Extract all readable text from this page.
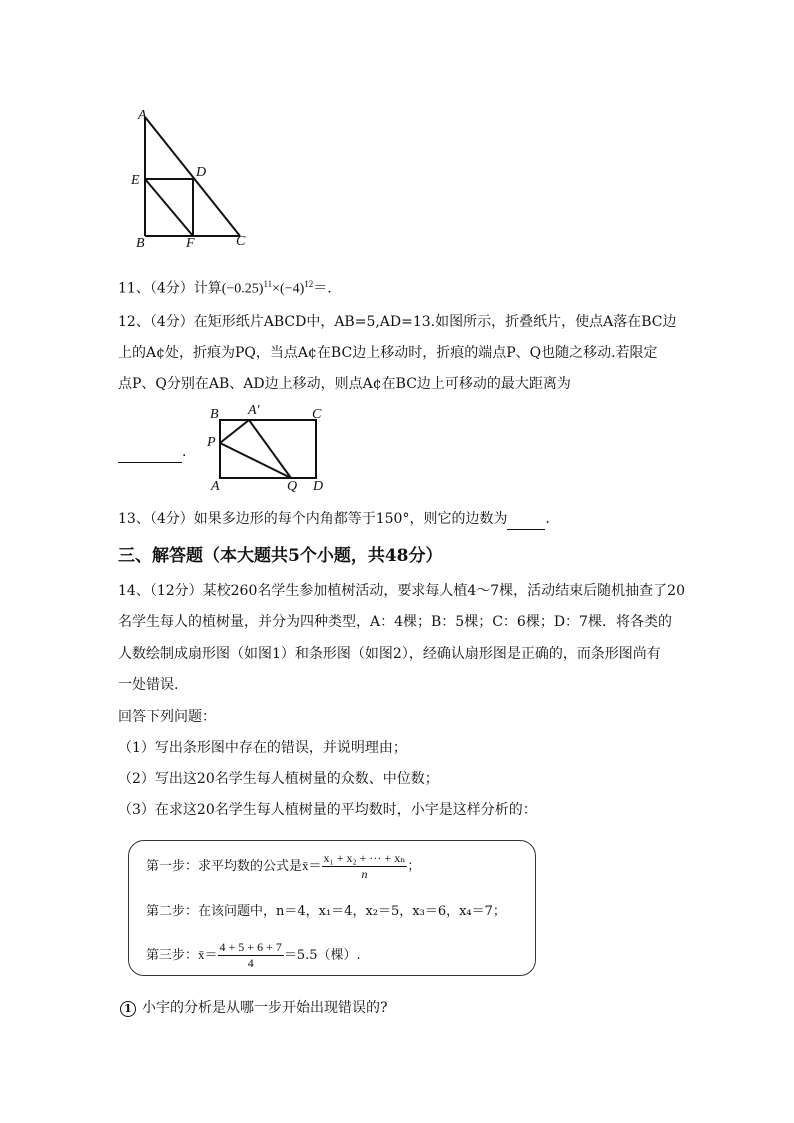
A
E
D
B	F	C
11、（4分）计算$(-0.25)^{11}\times(-4)^{12}=$.
12、（4分）在矩形纸片ABCD中，AB=5,AD=13.如图所示，折叠纸片，使点A落在BC边
上的A¢处，折痕为PQ，当点A¢在BC边上移动时，折痕的端点P、Q也随之移动.若限定
点P、Q分别在AB、AD边上移动，则点A¢在BC边上可移动的最大距离为
B A'	C
P
A	Q D
.
13、（4分）如果多边形的每个内角都等于150°，则它的边数为	.
三、解答题（本大题共5个小题，共48分）
14、（12分）某校260名学生参加植树活动，要求每人植4～7棵，活动结束后随机抽查了20
名学生每人的植树量，并分为四种类型，A：4棵；B：5棵；C：6棵；D：7棵．将各类的
人数绘制成扇形图（如图1）和条形图（如图2），经确认扇形图是正确的，而条形图尚有
一处错误.
回答下列问题：
（1）写出条形图中存在的错误，并说明理由；
（2）写出这20名学生每人植树量的众数、中位数；
（3）在求这20名学生每人植树量的平均数时，小宇是这样分析的：
第一步：求平均数的公式是x̄＝ $\frac{\text{x₁ + x₂ + ··· + xₙ}}{n}$ ；
第二步：在该问题中，n＝4，x₁＝4，x₂＝5，x₃＝6，x₄＝7；
第三步：x̄＝ $\frac{4 + 5 + 6 + 7}{4} =5.5$（棵）.
1 小宇的分析是从哪一步开始出现错误的?
